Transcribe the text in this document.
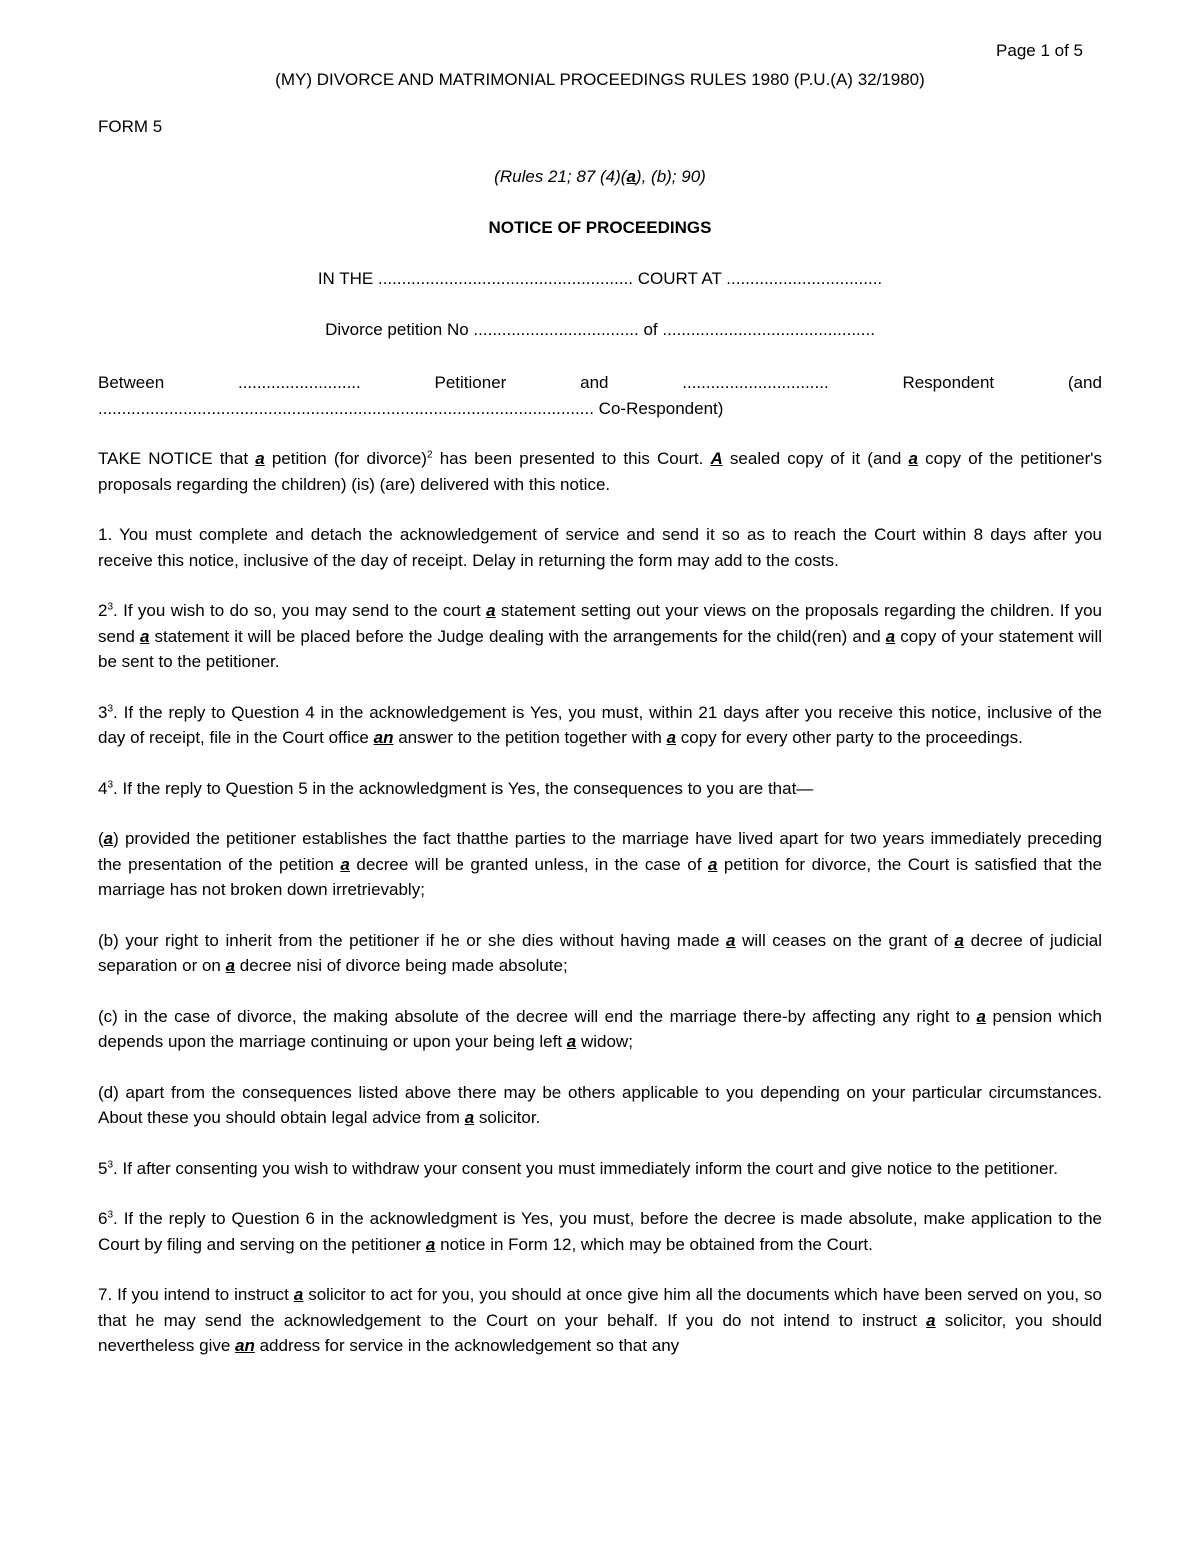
Page 1 of 5
(MY) DIVORCE AND MATRIMONIAL PROCEEDINGS RULES 1980 (P.U.(A) 32/1980)
FORM 5
(Rules 21; 87 (4)(a), (b); 90)
NOTICE OF PROCEEDINGS
IN THE ...................................................... COURT AT .................................
Divorce petition No ................................... of .............................................
Between	..........................	Petitioner	and	...............................	Respondent	(and
......................................................................................................... Co-Respondent)

TAKE NOTICE that a petition (for divorce)$^2$ has been presented to this Court. A sealed copy of it (and a copy of the petitioner's proposals regarding the children) (is) (are) delivered with this notice.

1. You must complete and detach the acknowledgement of service and send it so as to reach the Court within 8 days after you receive this notice, inclusive of the day of receipt. Delay in returning the form may add to the costs.

$2^3$. If you wish to do so, you may send to the court a statement setting out your views on the proposals regarding the children. If you send a statement it will be placed before the Judge dealing with the arrangements for the child(ren) and a copy of your statement will be sent to the petitioner.

$3^3$. If the reply to Question 4 in the acknowledgement is Yes, you must, within 21 days after you receive this notice, inclusive of the day of receipt, file in the Court office an answer to the petition together with a copy for every other party to the proceedings.

$4^3$. If the reply to Question 5 in the acknowledgment is Yes, the consequences to you are that—

(a) provided the petitioner establishes the fact thatthe parties to the marriage have lived apart for two years immediately preceding the presentation of the petition a decree will be granted unless, in the case of a petition for divorce, the Court is satisfied that the marriage has not broken down irretrievably;

(b) your right to inherit from the petitioner if he or she dies without having made a will ceases on the grant of a decree of judicial separation or on a decree nisi of divorce being made absolute;

(c) in the case of divorce, the making absolute of the decree will end the marriage there-by affecting any right to a pension which depends upon the marriage continuing or upon your being left a widow;

(d) apart from the consequences listed above there may be others applicable to you depending on your particular circumstances. About these you should obtain legal advice from a solicitor.

$5^3$. If after consenting you wish to withdraw your consent you must immediately inform the court and give notice to the petitioner.

$6^3$. If the reply to Question 6 in the acknowledgment is Yes, you must, before the decree is made absolute, make application to the Court by filing and serving on the petitioner a notice in Form 12, which may be obtained from the Court.

7. If you intend to instruct a solicitor to act for you, you should at once give him all the documents which have been served on you, so that he may send the acknowledgement to the Court on your behalf. If you do not intend to instruct a solicitor, you should nevertheless give an address for service in the acknowledgement so that any
